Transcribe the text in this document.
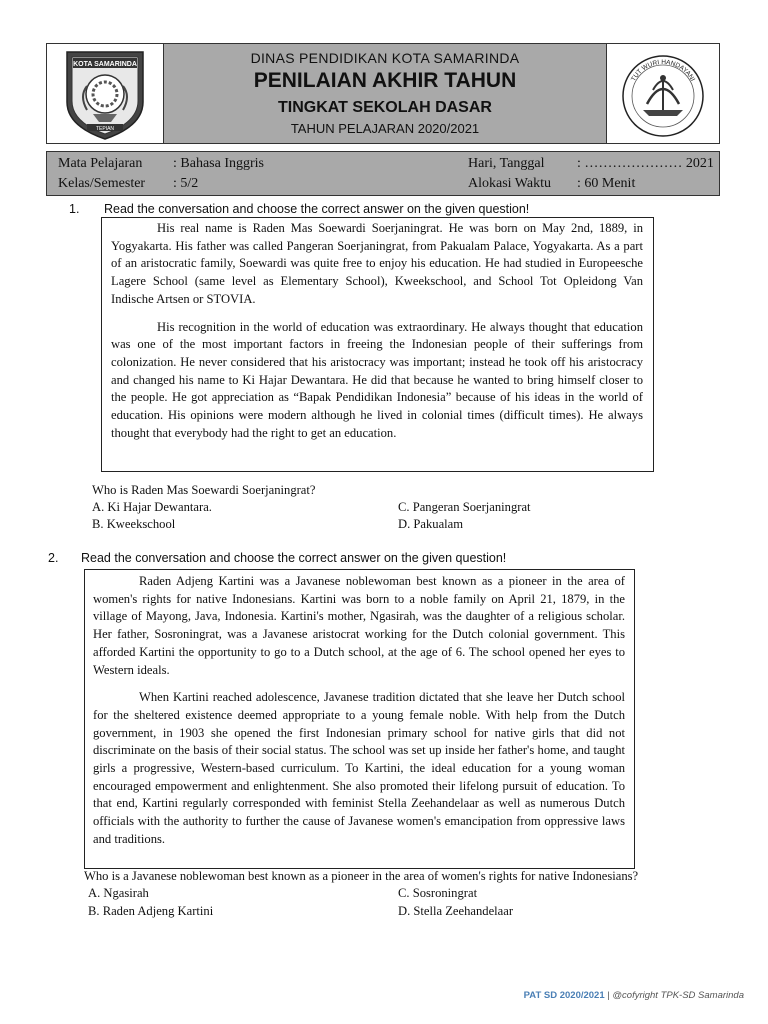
KOTA SAMARINDA
TEPIAN
DINAS PENDIDIKAN KOTA SAMARINDA
PENILAIAN AKHIR TAHUN
TINGKAT SEKOLAH DASAR
TAHUN PELAJARAN 2020/2021
TUT WURI HANDAYANI
Mata Pelajaran : Bahasa Inggris
Kelas/Semester : 5/2
Hari, Tanggal : ………………… 2021
Alokasi Waktu : 60 Menit
1. Read the conversation and choose the correct answer on the given question!

His real name is Raden Mas Soewardi Soerjaningrat. He was born on May 2nd, 1889, in Yogyakarta. His father was called Pangeran Soerjaningrat, from Pakualam Palace, Yogyakarta. As a part of an aristocratic family, Soewardi was quite free to enjoy his education. He had studied in Europeesche Lagere School (same level as Elementary School), Kweekschool, and School Tot Opleidong Van Indische Artsen or STOVIA.

His recognition in the world of education was extraordinary. He always thought that education was one of the most important factors in freeing the Indonesian people of their sufferings from colonization. He never considered that his aristocracy was important; instead he took off his aristocracy and changed his name to Ki Hajar Dewantara. He did that because he wanted to bring himself closer to the people. He got appreciation as “Bapak Pendidikan Indonesia” because of his ideas in the world of education. His opinions were modern although he lived in colonial times (difficult times). He always thought that everybody had the right to get an education.

Who is Raden Mas Soewardi Soerjaningrat?
A. Ki Hajar Dewantara.
B. Kweekschool
C. Pangeran Soerjaningrat
D. Pakualam
2. Read the conversation and choose the correct answer on the given question!

Raden Adjeng Kartini was a Javanese noblewoman best known as a pioneer in the area of women's rights for native Indonesians. Kartini was born to a noble family on April 21, 1879, in the village of Mayong, Java, Indonesia. Kartini's mother, Ngasirah, was the daughter of a religious scholar. Her father, Sosroningrat, was a Javanese aristocrat working for the Dutch colonial government. This afforded Kartini the opportunity to go to a Dutch school, at the age of 6. The school opened her eyes to Western ideals.

When Kartini reached adolescence, Javanese tradition dictated that she leave her Dutch school for the sheltered existence deemed appropriate to a young female noble. With help from the Dutch government, in 1903 she opened the first Indonesian primary school for native girls that did not discriminate on the basis of their social status. The school was set up inside her father's home, and taught girls a progressive, Western-based curriculum. To Kartini, the ideal education for a young woman encouraged empowerment and enlightenment. She also promoted their lifelong pursuit of education. To that end, Kartini regularly corresponded with feminist Stella Zeehandelaar as well as numerous Dutch officials with the authority to further the cause of Javanese women's emancipation from oppressive laws and traditions.

Who is a Javanese noblewoman best known as a pioneer in the area of women's rights for native Indonesians?
A. Ngasirah
B. Raden Adjeng Kartini
C. Sosroningrat
D. Stella Zeehandelaar
PAT SD 2020/2021 | @cofyright TPK-SD Samarinda
